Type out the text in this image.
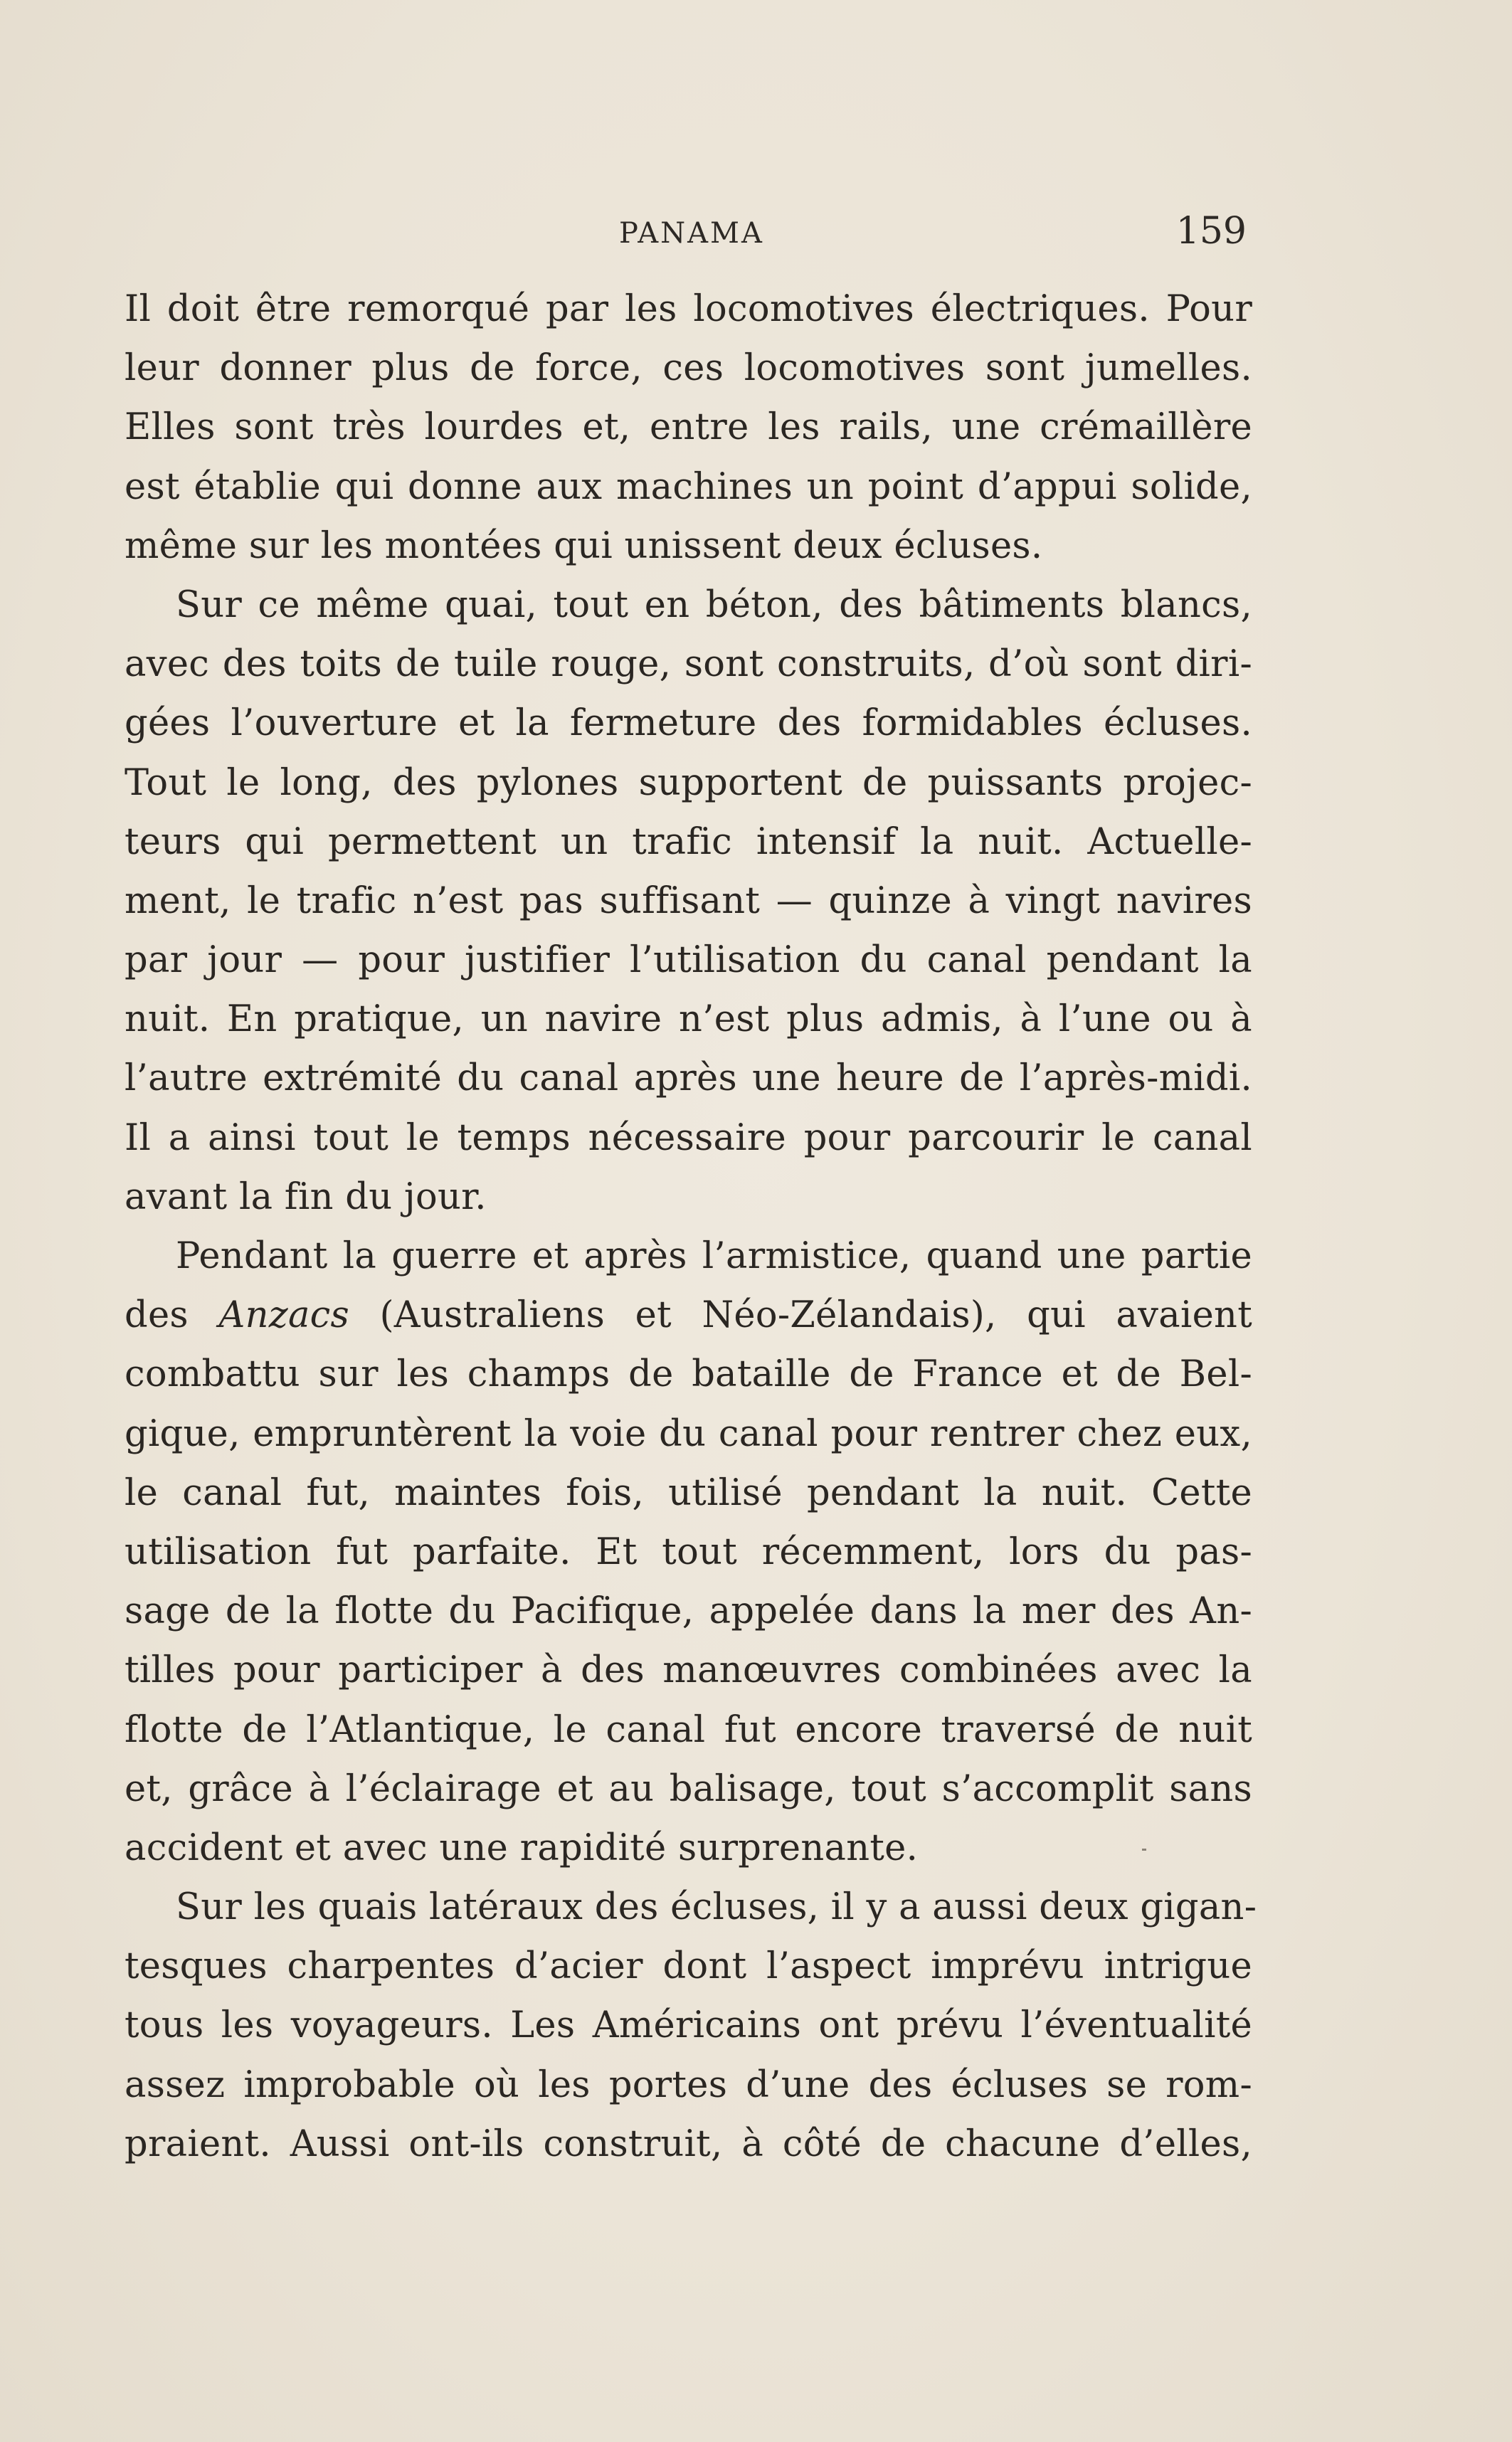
PANAMA	159
Il doit être remorqué par les locomotives électriques. Pour
leur donner plus de force, ces locomotives sont jumelles.
Elles sont très lourdes et, entre les rails, une crémaillère
est établie qui donne aux machines un point d’appui solide,
même sur les montées qui unissent deux écluses.
Sur ce même quai, tout en béton, des bâtiments blancs,
avec des toits de tuile rouge, sont construits, d’où sont diri-
gées l’ouverture et la fermeture des formidables écluses.
Tout le long, des pylones supportent de puissants projec-
teurs qui permettent un trafic intensif la nuit. Actuelle-
ment, le trafic n’est pas suffisant — quinze à vingt navires
par jour — pour justifier l’utilisation du canal pendant la
nuit. En pratique, un navire n’est plus admis, à l’une ou à
l’autre extrémité du canal après une heure de l’après-midi.
Il a ainsi tout le temps nécessaire pour parcourir le canal
avant la fin du jour.
Pendant la guerre et après l’armistice, quand une partie
des Anzacs (Australiens et Néo-Zélandais), qui avaient
combattu sur les champs de bataille de France et de Bel-
gique, empruntèrent la voie du canal pour rentrer chez eux,
le canal fut, maintes fois, utilisé pendant la nuit. Cette
utilisation fut parfaite. Et tout récemment, lors du pas-
sage de la flotte du Pacifique, appelée dans la mer des An-
tilles pour participer à des manœuvres combinées avec la
flotte de l’Atlantique, le canal fut encore traversé de nuit
et, grâce à l’éclairage et au balisage, tout s’accomplit sans
accident et avec une rapidité surprenante.
Sur les quais latéraux des écluses, il y a aussi deux gigan-
tesques charpentes d’acier dont l’aspect imprévu intrigue
tous les voyageurs. Les Américains ont prévu l’éventualité
assez improbable où les portes d’une des écluses se rom-
praient. Aussi ont-ils construit, à côté de chacune d’elles,
